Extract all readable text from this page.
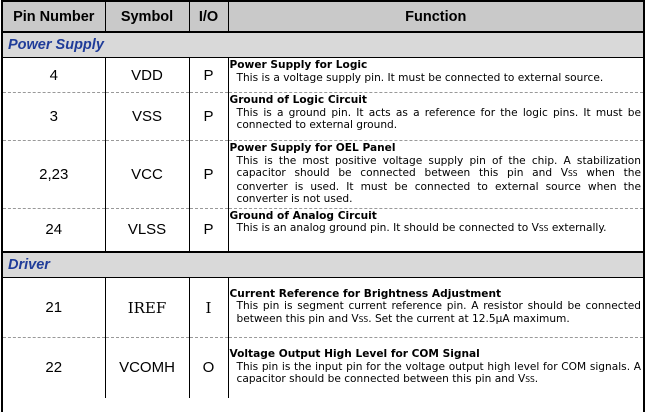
Pin Number	Symbol	I/O	Function
Power Supply			
4	VDD	P	Power Supply for Logic
This is a voltage supply pin. It must be connected to external source.

3	VSS	P	Ground of Logic Circuit
This is a ground pin. It acts as a reference for the logic pins. It must be connected to external ground.

2,23	VCC	P	Power Supply for OEL Panel
This is the most positive voltage supply pin of the chip. A stabilization capacitor should be connected between this pin and VSS when the converter is used. It must be connected to external source when the converter is not used.

24	VLSS	P	Ground of Analog Circuit
This is an analog ground pin. It should be connected to VSS externally.

Driver			
21	IREF	I	Current Reference for Brightness Adjustment
This pin is segment current reference pin. A resistor should be connected between this pin and VSS. Set the current at 12.5µA maximum.

22	VCOMH	O	Voltage Output High Level for COM Signal
This pin is the input pin for the voltage output high level for COM signals. A capacitor should be connected between this pin and VSS.
